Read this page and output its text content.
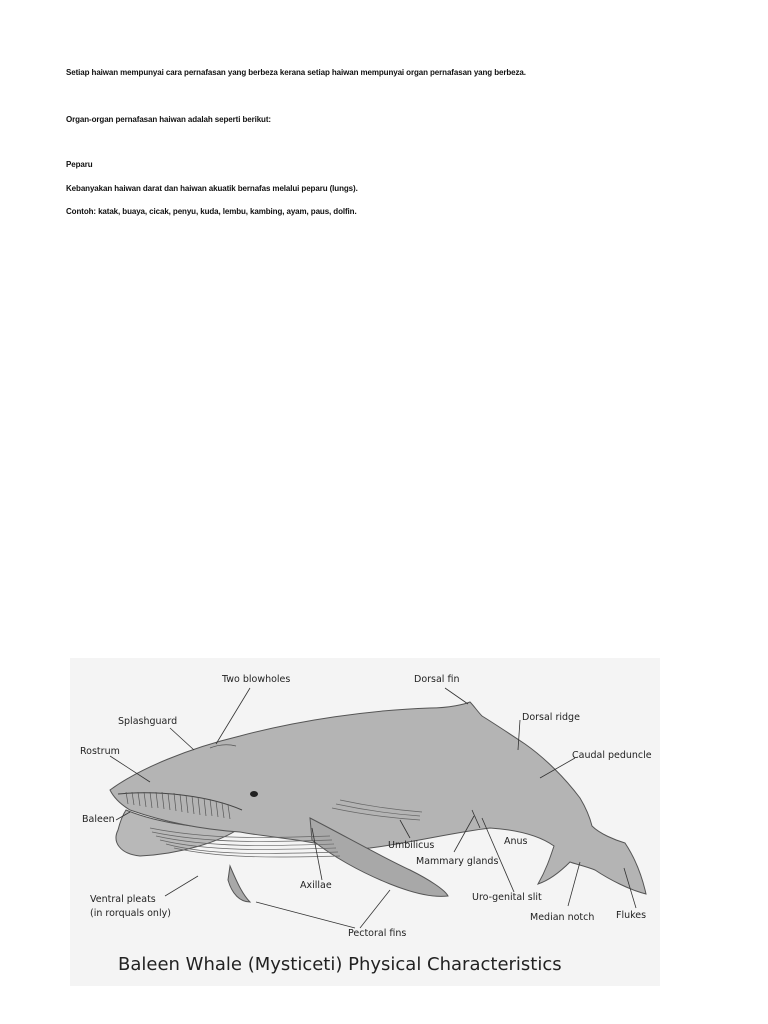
Setiap haiwan mempunyai cara pernafasan yang berbeza kerana setiap haiwan mempunyai organ pernafasan yang berbeza.
Organ-organ pernafasan haiwan adalah seperti berikut:
Peparu
Kebanyakan haiwan darat dan haiwan akuatik bernafas melalui peparu (lungs).
Contoh: katak, buaya, cicak, penyu, kuda, lembu, kambing, ayam, paus, dolfin.
Two blowholes	Dorsal fin
Splashguard	Dorsal ridge
Rostrum	Caudal peduncle
Baleen
Umbilicus	Anus
Mammary glands
Ventral pleats
(in rorquals only)
Axillae
Uro-genital slit
Median notch Flukes
Pectoral fins
Baleen Whale (Mysticeti) Physical Characteristics
